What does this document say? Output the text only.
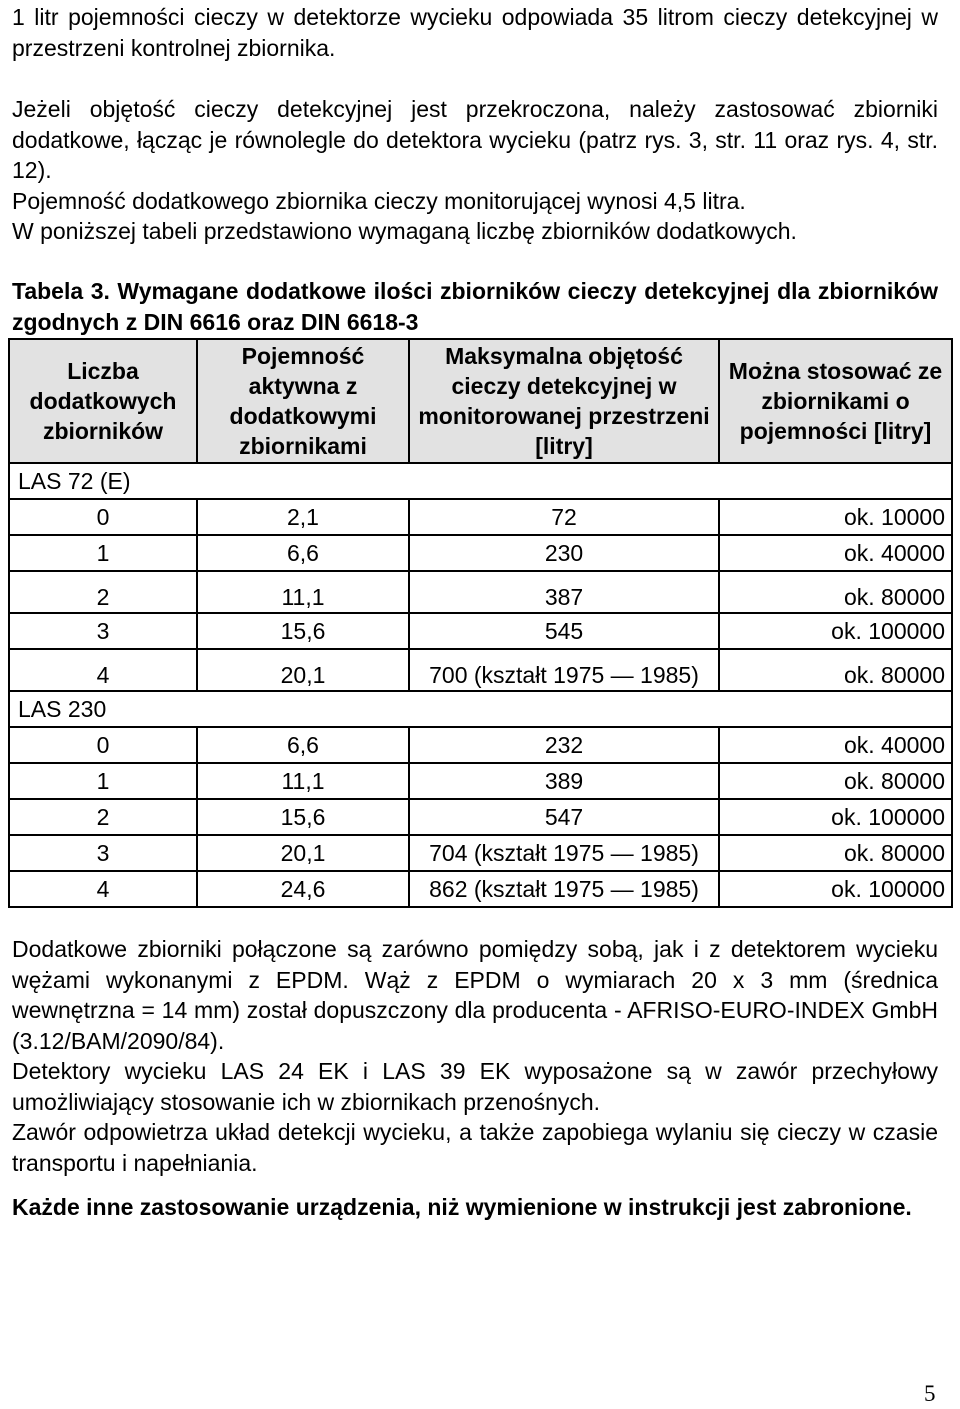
1 litr pojemności cieczy w detektorze wycieku odpowiada 35 litrom cieczy detekcyjnej w przestrzeni kontrolnej zbiornika.

Jeżeli objętość cieczy detekcyjnej jest przekroczona, należy zastosować zbiorniki dodatkowe, łącząc je równolegle do detektora wycieku (patrz rys. 3, str. 11 oraz rys. 4, str. 12).

Pojemność dodatkowego zbiornika cieczy monitorującej wynosi 4,5 litra.

W poniższej tabeli przedstawiono wymaganą liczbę zbiorników dodatkowych.

Tabela 3. Wymagane dodatkowe ilości zbiorników cieczy detekcyjnej dla zbiorników zgodnych z DIN 6616 oraz DIN 6618-3

Liczba dodatkowych zbiorników	Pojemność aktywna z dodatkowymi zbiornikami	Maksymalna objętość cieczy detekcyjnej w monitorowanej przestrzeni [litry]	Można stosować ze zbiornikami o pojemności [litry]
LAS 72 (E)			
0	2,1	72	ok. 10000
1	6,6	230	ok. 40000
2	11,1	387	ok. 80000
3	15,6	545	ok. 100000
4	20,1	700 (kształt 1975 — 1985)	ok. 80000
LAS 230			
0	6,6	232	ok. 40000
1	11,1	389	ok. 80000
2	15,6	547	ok. 100000
3	20,1	704 (kształt 1975 — 1985)	ok. 80000
4	24,6	862 (kształt 1975 — 1985)	ok. 100000

Dodatkowe zbiorniki połączone są zarówno pomiędzy sobą, jak i z detektorem wycieku wężami wykonanymi z EPDM. Wąż z EPDM o wymiarach 20 x 3 mm (średnica wewnętrzna = 14 mm) został dopuszczony dla producenta - AFRISO-EURO-INDEX GmbH (3.12/BAM/2090/84).

Detektory wycieku LAS 24 EK i LAS 39 EK wyposażone są w zawór przechyłowy umożliwiający stosowanie ich w zbiornikach przenośnych.

Zawór odpowietrza układ detekcji wycieku, a także zapobiega wylaniu się cieczy w czasie transportu i napełniania.

Każde inne zastosowanie urządzenia, niż wymienione w instrukcji jest zabronione.

5
